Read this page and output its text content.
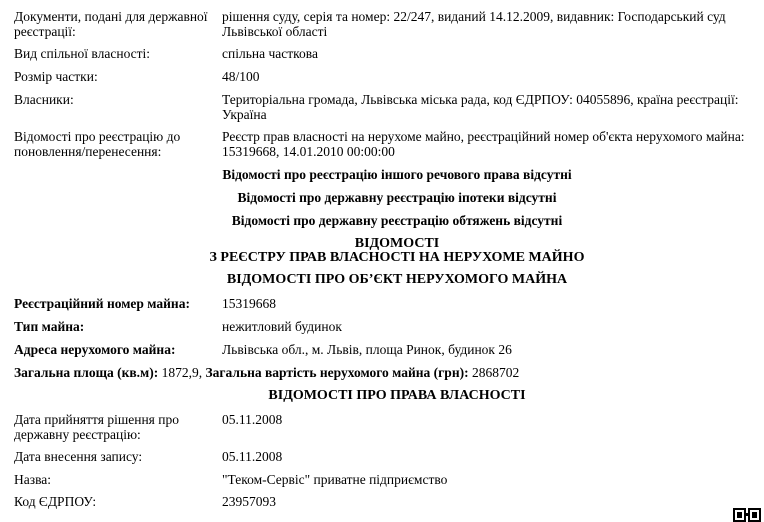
Документи, подані для державної реєстрації:
рішення суду, серія та номер: 22/247, виданий 14.12.2009, видавник: Господарський суд Львівської області
Вид спільної власності:	спільна часткова
Розмір частки:	48/100
Власники:	Територіальна громада, Львівська міська рада, код ЄДРПОУ: 04055896, країна реєстрації: Україна
Відомості про реєстрацію до поновлення/перенесення:
Реєстр прав власності на нерухоме майно, реєстраційний номер об'єкта нерухомого майна: 15319668, 14.01.2010 00:00:00
Відомості про реєстрацію іншого речового права відсутні
Відомості про державну реєстрацію іпотеки відсутні
Відомості про державну реєстрацію обтяжень відсутні
ВІДОМОСТІ
З РЕЄСТРУ ПРАВ ВЛАСНОСТІ НА НЕРУХОМЕ МАЙНО
ВІДОМОСТІ ПРО ОБ’ЄКТ НЕРУХОМОГО МАЙНА
Реєстраційний номер майна:	15319668
Тип майна:	нежитловий будинок
Адреса нерухомого майна:	Львівська обл., м. Львів, площа Ринок, будинок 26
Загальна площа (кв.м): 1872,9, Загальна вартість нерухомого майна (грн): 2868702
ВІДОМОСТІ ПРО ПРАВА ВЛАСНОСТІ
Дата прийняття рішення про державну реєстрацію:
05.11.2008
Дата внесення запису:	05.11.2008
Назва:	"Теком-Сервіс" приватне підприємство
Код ЄДРПОУ:	23957093
